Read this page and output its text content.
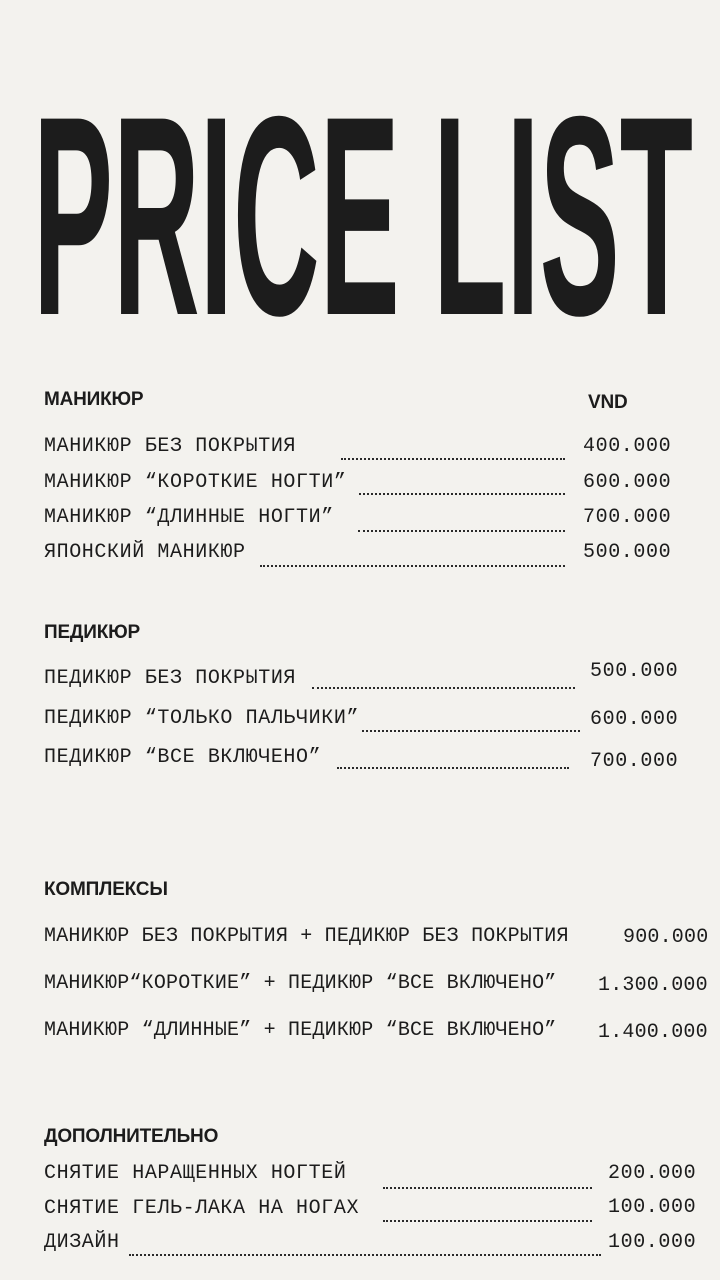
PRICE LIST
МАНИКЮР	VND
МАНИКЮР БЕЗ ПОКРЫТИЯ	400.000
МАНИКЮР “КОРОТКИЕ НОГТИ”	600.000
МАНИКЮР “ДЛИННЫЕ НОГТИ”	700.000
ЯПОНСКИЙ МАНИКЮР	500.000
ПЕДИКЮР
ПЕДИКЮР БЕЗ ПОКРЫТИЯ	500.000
ПЕДИКЮР “ТОЛЬКО ПАЛЬЧИКИ”	600.000
ПЕДИКЮР “ВСЕ ВКЛЮЧЕНО”	700.000
КОМПЛЕКСЫ
МАНИКЮР БЕЗ ПОКРЫТИЯ + ПЕДИКЮР БЕЗ ПОКРЫТИЯ	900.000
МАНИКЮР“КОРОТКИЕ” + ПЕДИКЮР “ВСЕ ВКЛЮЧЕНО” 1.300.000
МАНИКЮР “ДЛИННЫЕ” + ПЕДИКЮР “ВСЕ ВКЛЮЧЕНО” 1.400.000
ДОПОЛНИТЕЛЬНО
СНЯТИЕ НАРАЩЕННЫХ НОГТЕЙ	200.000
СНЯТИЕ ГЕЛЬ-ЛАКА НА НОГАХ	100.000
ДИЗАЙН	100.000
